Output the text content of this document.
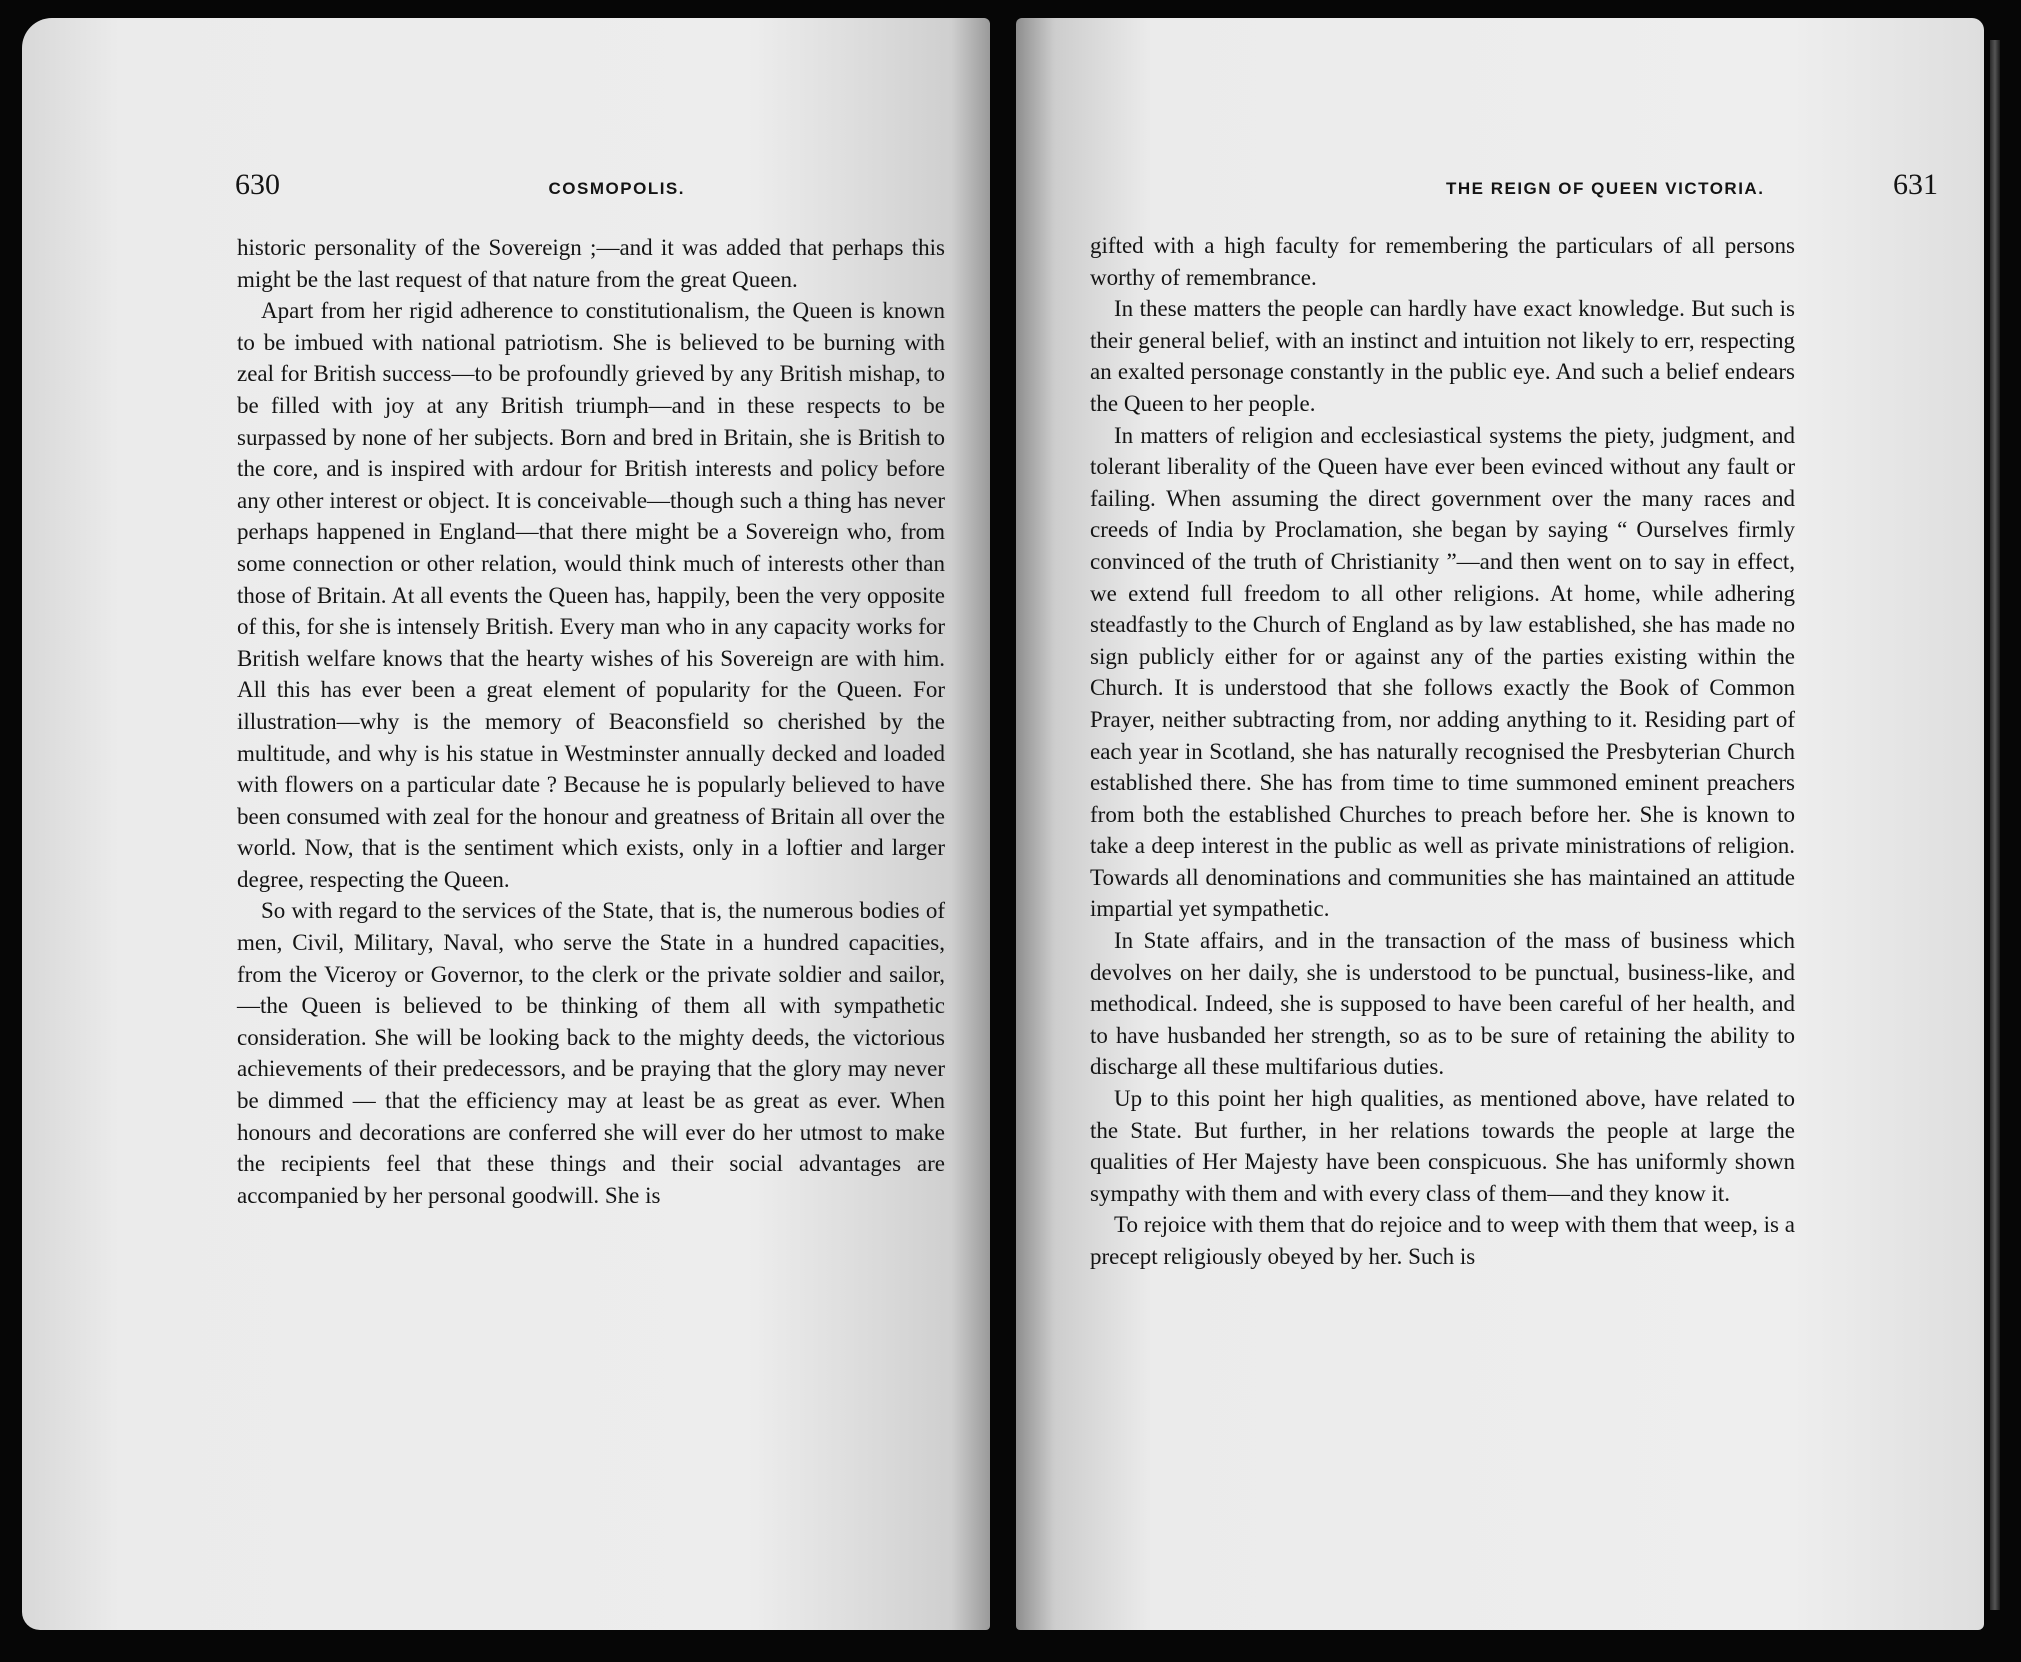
630	COSMOPOLIS.

historic personality of the Sovereign ;—and it was added that perhaps this might be the last request of that nature from the great Queen.

Apart from her rigid adherence to constitutionalism, the Queen is known to be imbued with national patriotism. She is believed to be burning with zeal for British success—to be profoundly grieved by any British mishap, to be filled with joy at any British triumph—and in these respects to be surpassed by none of her subjects. Born and bred in Britain, she is British to the core, and is inspired with ardour for British interests and policy before any other interest or object. It is conceivable—though such a thing has never perhaps happened in England—that there might be a Sovereign who, from some connection or other relation, would think much of interests other than those of Britain. At all events the Queen has, happily, been the very opposite of this, for she is intensely British. Every man who in any capacity works for British welfare knows that the hearty wishes of his Sovereign are with him. All this has ever been a great element of popularity for the Queen. For illustration—why is the memory of Beaconsfield so cherished by the multitude, and why is his statue in Westminster annually decked and loaded with flowers on a particular date ? Because he is popularly believed to have been consumed with zeal for the honour and greatness of Britain all over the world. Now, that is the sentiment which exists, only in a loftier and larger degree, respecting the Queen.

So with regard to the services of the State, that is, the numerous bodies of men, Civil, Military, Naval, who serve the State in a hundred capacities, from the Viceroy or Governor, to the clerk or the private soldier and sailor,—the Queen is believed to be thinking of them all with sympathetic consideration. She will be looking back to the mighty deeds, the victorious achievements of their predecessors, and be praying that the glory may never be dimmed — that the efficiency may at least be as great as ever. When honours and decorations are conferred she will ever do her utmost to make the recipients feel that these things and their social advantages are accompanied by her personal goodwill. She is

THE REIGN OF QUEEN VICTORIA.	631

gifted with a high faculty for remembering the particulars of all persons worthy of remembrance.

In these matters the people can hardly have exact knowledge. But such is their general belief, with an instinct and intuition not likely to err, respecting an exalted personage constantly in the public eye. And such a belief endears the Queen to her people.

In matters of religion and ecclesiastical systems the piety, judgment, and tolerant liberality of the Queen have ever been evinced without any fault or failing. When assuming the direct government over the many races and creeds of India by Proclamation, she began by saying “ Ourselves firmly convinced of the truth of Christianity ”—and then went on to say in effect, we extend full freedom to all other religions. At home, while adhering steadfastly to the Church of England as by law established, she has made no sign publicly either for or against any of the parties existing within the Church. It is understood that she follows exactly the Book of Common Prayer, neither subtracting from, nor adding anything to it. Residing part of each year in Scotland, she has naturally recognised the Presbyterian Church established there. She has from time to time summoned eminent preachers from both the established Churches to preach before her. She is known to take a deep interest in the public as well as private ministrations of religion. Towards all denominations and communities she has maintained an attitude impartial yet sympathetic.

In State affairs, and in the transaction of the mass of business which devolves on her daily, she is understood to be punctual, business-like, and methodical. Indeed, she is supposed to have been careful of her health, and to have husbanded her strength, so as to be sure of retaining the ability to discharge all these multifarious duties.

Up to this point her high qualities, as mentioned above, have related to the State. But further, in her relations towards the people at large the qualities of Her Majesty have been conspicuous. She has uniformly shown sympathy with them and with every class of them—and they know it.

To rejoice with them that do rejoice and to weep with them that weep, is a precept religiously obeyed by her. Such is
